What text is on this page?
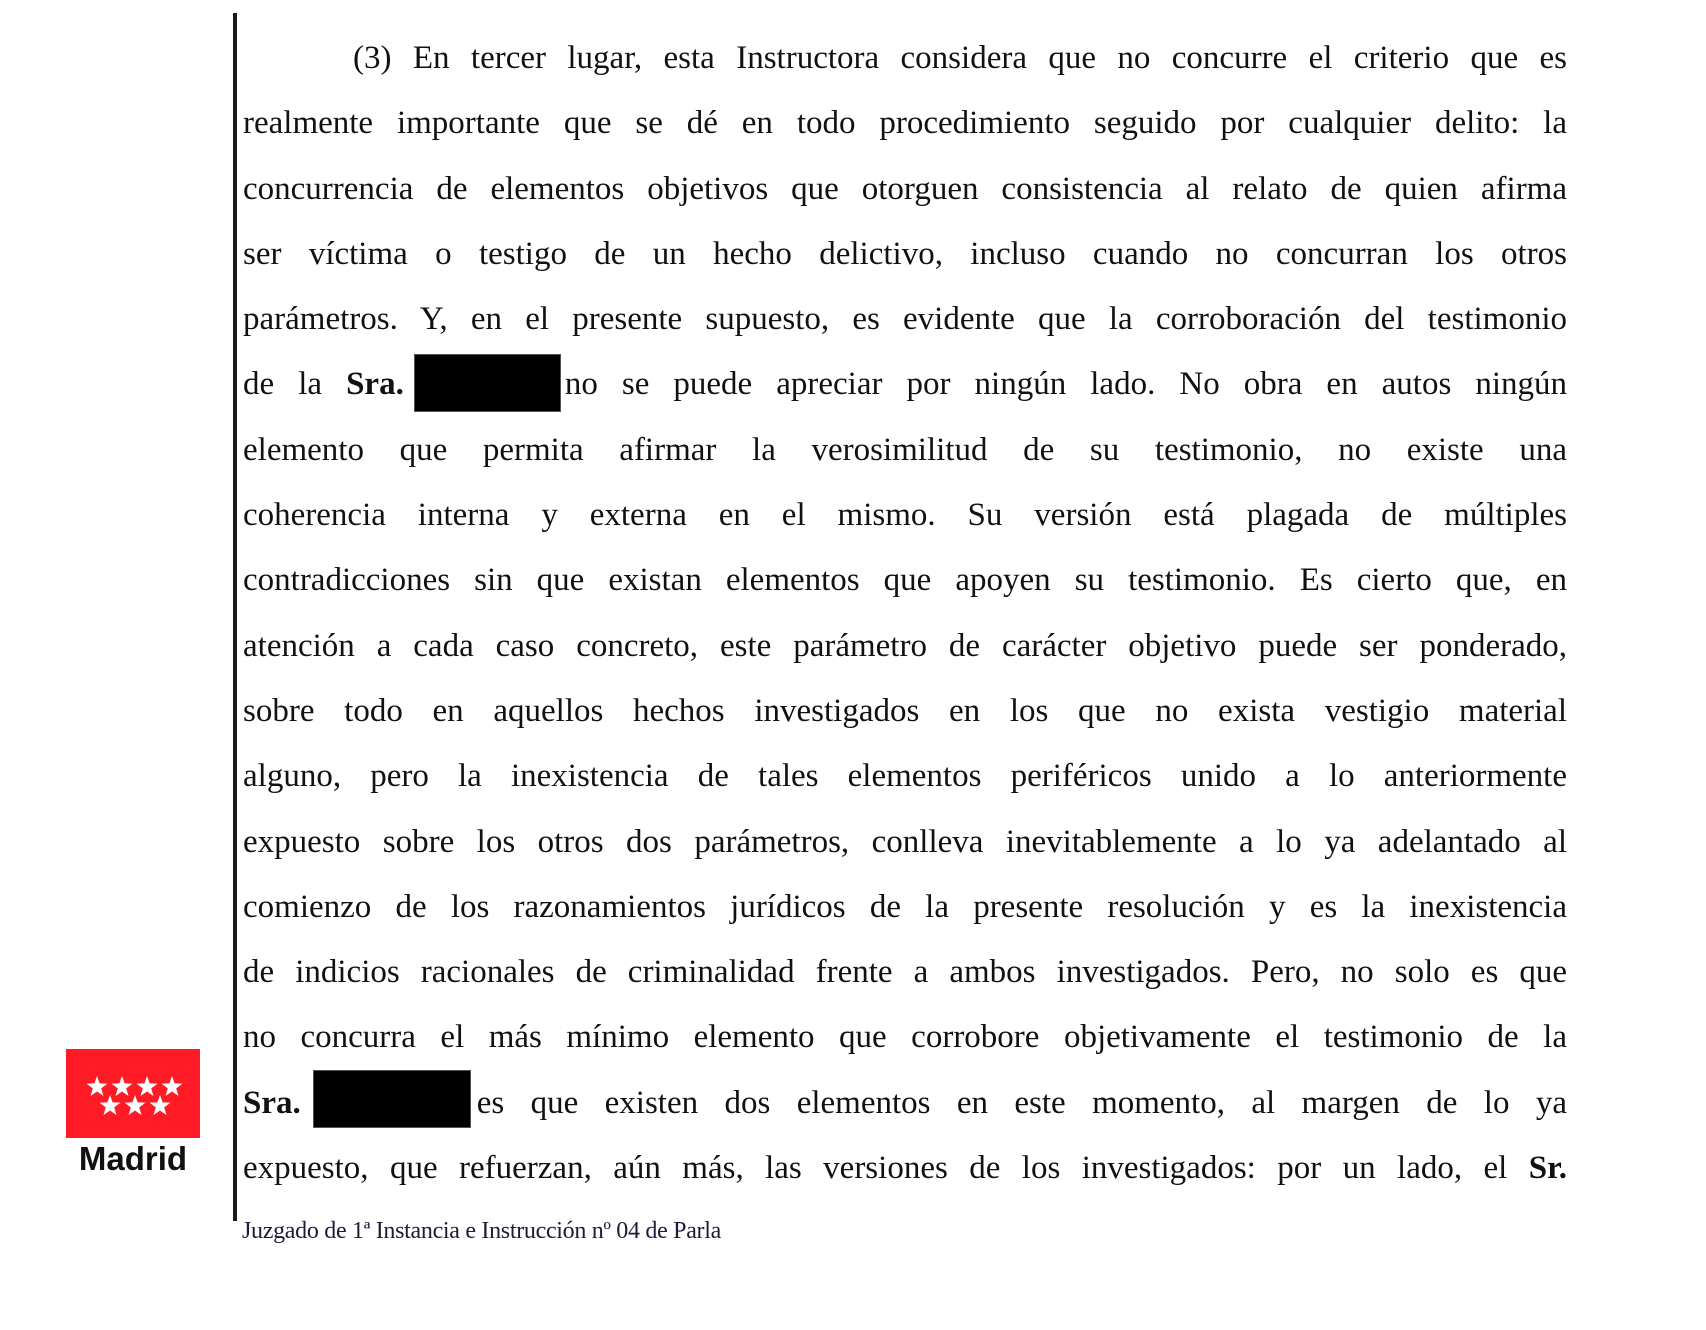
(3) En tercer lugar, esta Instructora considera que no concurre el criterio que es
realmente importante que se dé en todo procedimiento seguido por cualquier delito: la
concurrencia de elementos objetivos que otorguen consistencia al relato de quien afirma
ser víctima o testigo de un hecho delictivo, incluso cuando no concurran los otros
parámetros. Y, en el presente supuesto, es evidente que la corroboración del testimonio
de la Sra.	no se puede apreciar por ningún lado. No obra en autos ningún
elemento que permita afirmar la verosimilitud de su testimonio, no existe una
coherencia interna y externa en el mismo. Su versión está plagada de múltiples
contradicciones sin que existan elementos que apoyen su testimonio. Es cierto que, en
atención a cada caso concreto, este parámetro de carácter objetivo puede ser ponderado,
sobre todo en aquellos hechos investigados en los que no exista vestigio material
alguno, pero la inexistencia de tales elementos periféricos unido a lo anteriormente
expuesto sobre los otros dos parámetros, conlleva inevitablemente a lo ya adelantado al
comienzo de los razonamientos jurídicos de la presente resolución y es la inexistencia
de indicios racionales de criminalidad frente a ambos investigados. Pero, no solo es que
no concurra el más mínimo elemento que corrobore objetivamente el testimonio de la
Sra.	es que existen dos elementos en este momento, al margen de lo ya
expuesto, que refuerzan, aún más, las versiones de los investigados: por un lado, el Sr.
Juzgado de 1ª Instancia e Instrucción nº 04 de Parla
Madrid
